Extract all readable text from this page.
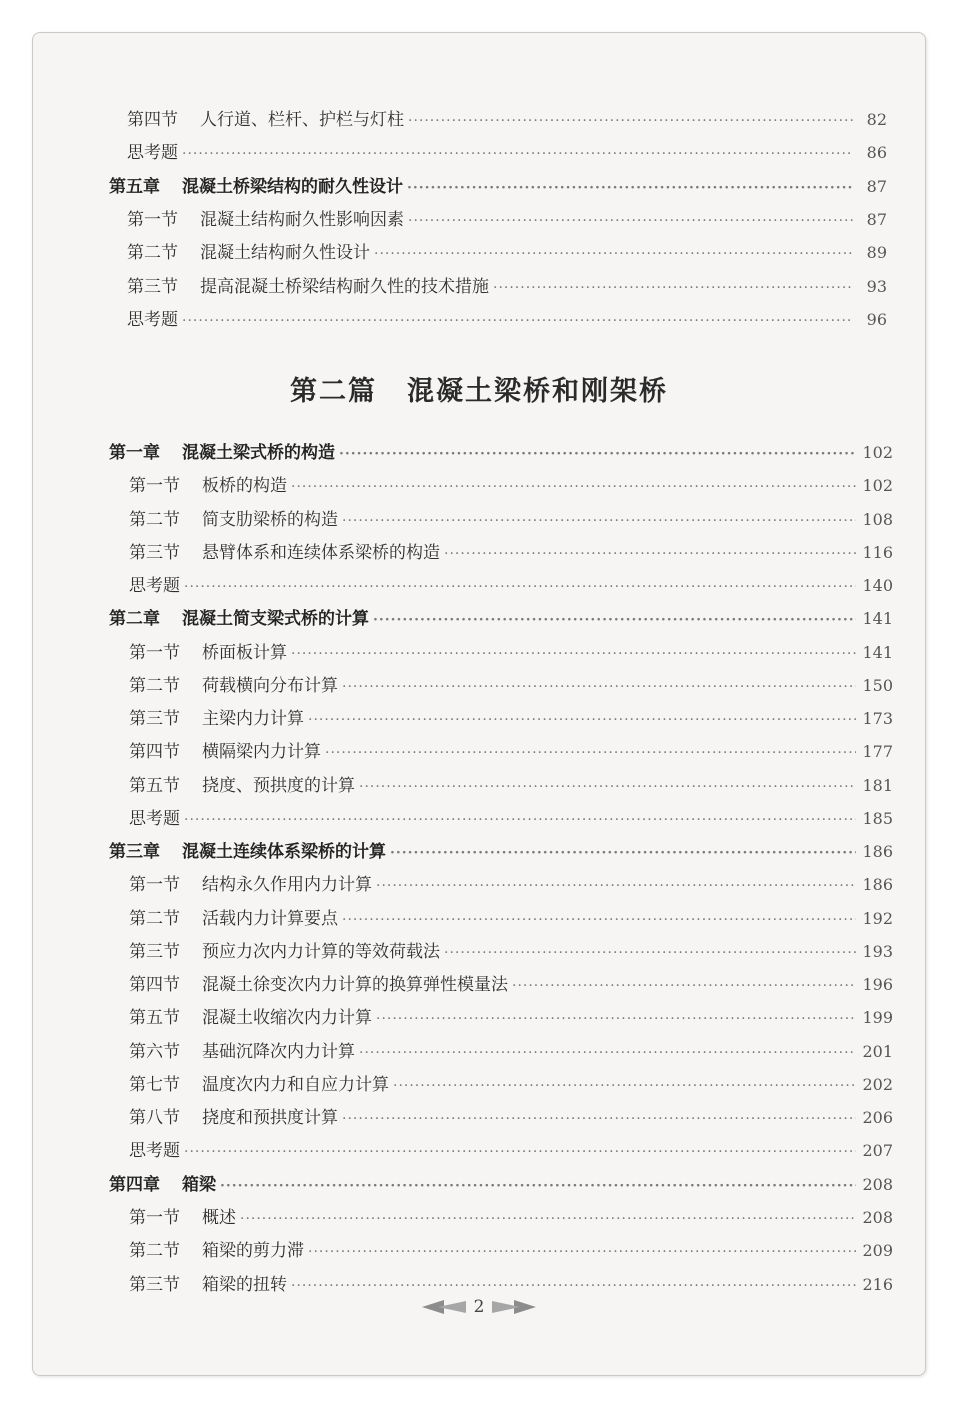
第四节 人行道、栏杆、护栏与灯柱 ·····	82
思考题 ·····	86
第五章 混凝土桥梁结构的耐久性设计 ·····	87
第一节 混凝土结构耐久性影响因素 ·····	87
第二节 混凝土结构耐久性设计 ·····	89
第三节 提高混凝土桥梁结构耐久性的技术措施 ·····	93
思考题 ·····	96
第一章 混凝土梁式桥的构造 ·····	102
第一节 板桥的构造 ·····	102
第二节 简支肋梁桥的构造 ·····	108
第三节 悬臂体系和连续体系梁桥的构造 ·····	116
思考题 ·····	140
第二章 混凝土简支梁式桥的计算 ·····	141
第一节 桥面板计算 ·····	141
第二节 荷载横向分布计算 ·····	150
第三节 主梁内力计算 ·····	173
第四节 横隔梁内力计算 ·····	177
第五节 挠度、预拱度的计算 ·····	181
思考题 ·····	185
第三章 混凝土连续体系梁桥的计算 ·····	186
第一节 结构永久作用内力计算 ·····	186
第二节 活载内力计算要点 ·····	192
第三节 预应力次内力计算的等效荷载法 ·····	193
第四节 混凝土徐变次内力计算的换算弹性模量法 ·····	196
第五节 混凝土收缩次内力计算 ·····	199
第六节 基础沉降次内力计算 ·····	201
第七节 温度次内力和自应力计算 ·····	202
第八节 挠度和预拱度计算 ·····	206
思考题 ·····	207
第四章 箱梁 ·····	208
第一节 概述 ·····	208
第二节 箱梁的剪力滞 ·····	209
第三节 箱梁的扭转 ·····	216
第二篇 混凝土梁桥和刚架桥
2
